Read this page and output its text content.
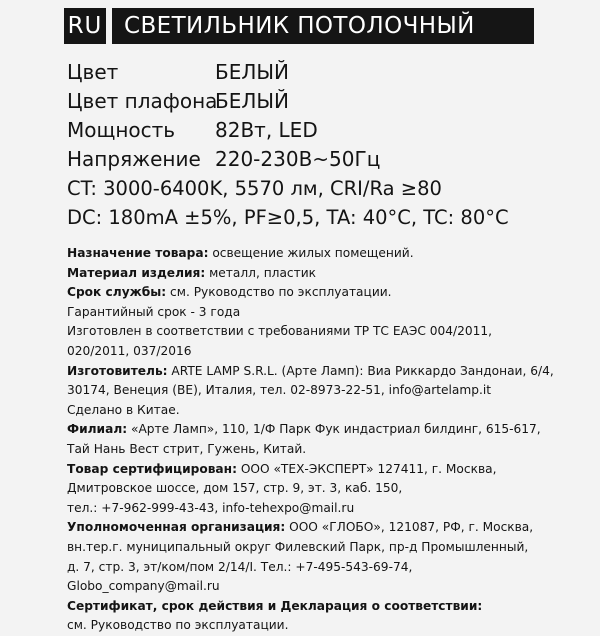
RU СВЕТИЛЬНИК ПОТОЛОЧНЫЙ
Цвет	БЕЛЫЙ
Цвет плафона
БЕЛЫЙ
Мощность 82Вт, LED
Напряжение 220-230В~50Гц
CT: 3000-6400K, 5570 лм, CRI/Ra ≥80
DC: 180mA ±5%, PF≥0,5, TA: 40°C, TC: 80°C

Назначение товара: освещение жилых помещений.

Материал изделия: металл, пластик

Срок службы: см. Руководство по эксплуатации.

Гарантийный срок - 3 года

Изготовлен в соответствии с требованиями ТР ТС ЕАЭС 004/2011,
020/2011, 037/2016

Изготовитель: ARTE LAMP S.R.L. (Арте Ламп): Виа Риккардо Зандонаи, 6/4,
30174, Венеция (BE), Италия, тел. 02-8973-22-51, info@artelamp.it
Сделано в Китае.

Филиал: «Арте Ламп», 110, 1/Ф Парк Фук индастриал билдинг, 615-617,
Тай Нань Вест стрит, Гужень, Китай.

Товар сертифицирован: ООО «ТЕХ-ЭКСПЕРТ» 127411, г. Москва,
Дмитровское шоссе, дом 157, стр. 9, эт. 3, каб. 150,
тел.: +7-962-999-43-43, info-tehexpo@mail.ru

Уполномоченная организация: ООО «ГЛОБО», 121087, РФ, г. Москва,
вн.тер.г. муниципальный округ Филевский Парк, пр-д Промышленный,
д. 7, стр. 3, эт/ком/пом 2/14/I. Тел.: +7-495-543-69-74,
Globo_company@mail.ru

Сертификат, срок действия и Декларация о соответствии:
см. Руководство по эксплуатации.
